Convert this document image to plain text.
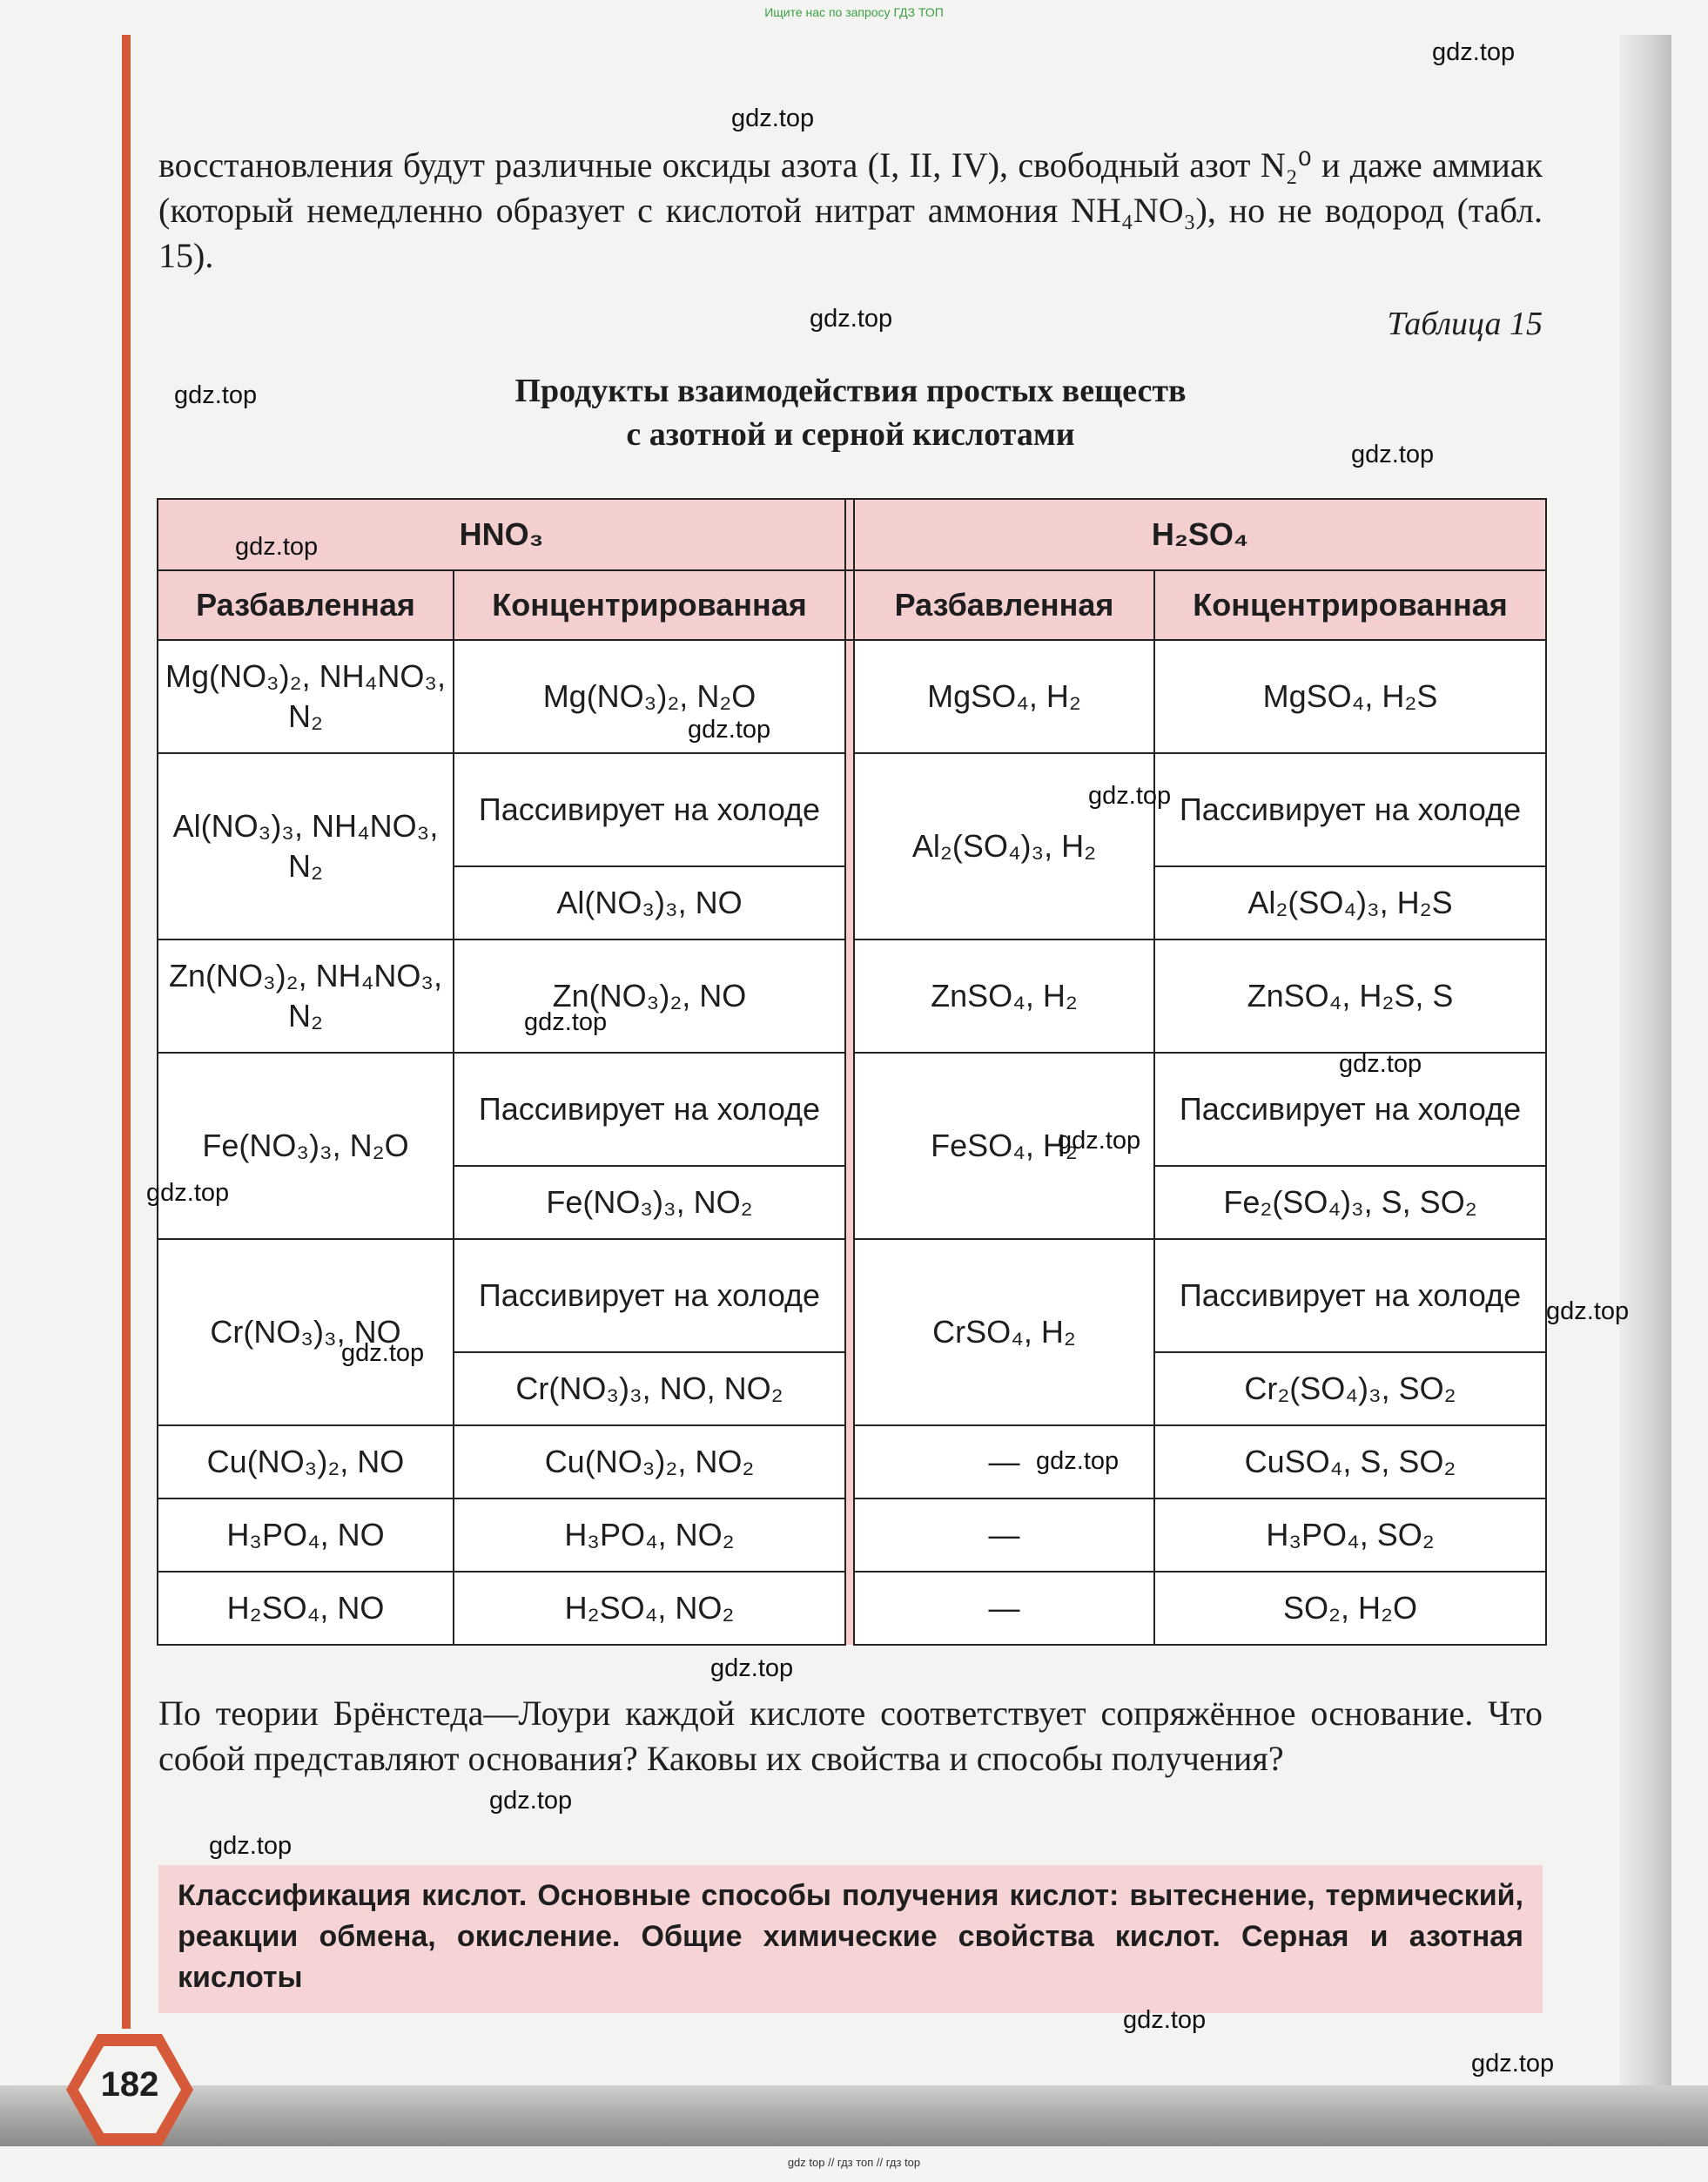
Ищите нас по запросу ГДЗ ТОП
gdz.top
gdz.top
gdz.top
gdz.top
gdz.top
восстановления будут различные оксиды азота (I, II, IV), свободный азот N₂⁰ и даже аммиак (который немедленно образует с кислотой нитрат аммония NH₄NO₃), но не водород (табл. 15).
Таблица 15
Продукты взаимодействия простых веществ
с азотной и серной кислотами
HNO₃			H₂SO₄	
Разбавленная	Концентрированная		Разбавленная	Концентрированная
Mg(NO₃)₂, NH₄NO₃, N₂	Mg(NO₃)₂, N₂O		MgSO₄, H₂	MgSO₄, H₂S
Al(NO₃)₃, NH₄NO₃, N₂	Пассивирует на холоде		Al₂(SO₄)₃, H₂	Пассивирует на холоде
	Al(NO₃)₃, NO			Al₂(SO₄)₃, H₂S
Zn(NO₃)₂, NH₄NO₃, N₂	Zn(NO₃)₂, NO		ZnSO₄, H₂	ZnSO₄, H₂S, S
Fe(NO₃)₃, N₂O	Пассивирует на холоде		FeSO₄, H₂	Пассивирует на холоде
	Fe(NO₃)₃, NO₂			Fe₂(SO₄)₃, S, SO₂
Cr(NO₃)₃, NO	Пассивирует на холоде		CrSO₄, H₂	Пассивирует на холоде
	Cr(NO₃)₃, NO, NO₂			Cr₂(SO₄)₃, SO₂
Cu(NO₃)₂, NO	Cu(NO₃)₂, NO₂		—	CuSO₄, S, SO₂
H₃PO₄, NO	H₃PO₄, NO₂		—	H₃PO₄, SO₂
H₂SO₄, NO	H₂SO₄, NO₂		—	SO₂, H₂O
gdz.top
gdz.top
gdz.top
gdz.top
gdz.top
gdz.top
gdz.top
gdz.top
gdz.top
gdz.top
gdz.top
По теории Брёнстеда—Лоури каждой кислоте соответствует сопряжённое основание. Что собой представляют основания? Каковы их свойства и способы получения?
gdz.top
gdz.top
Классификация кислот. Основные способы получения кислот: вытеснение, термический, реакции обмена, окисление. Общие химические свойства кислот. Серная и азотная кислоты
gdz.top
gdz.top
182
gdz top // гдз топ // гдз top
